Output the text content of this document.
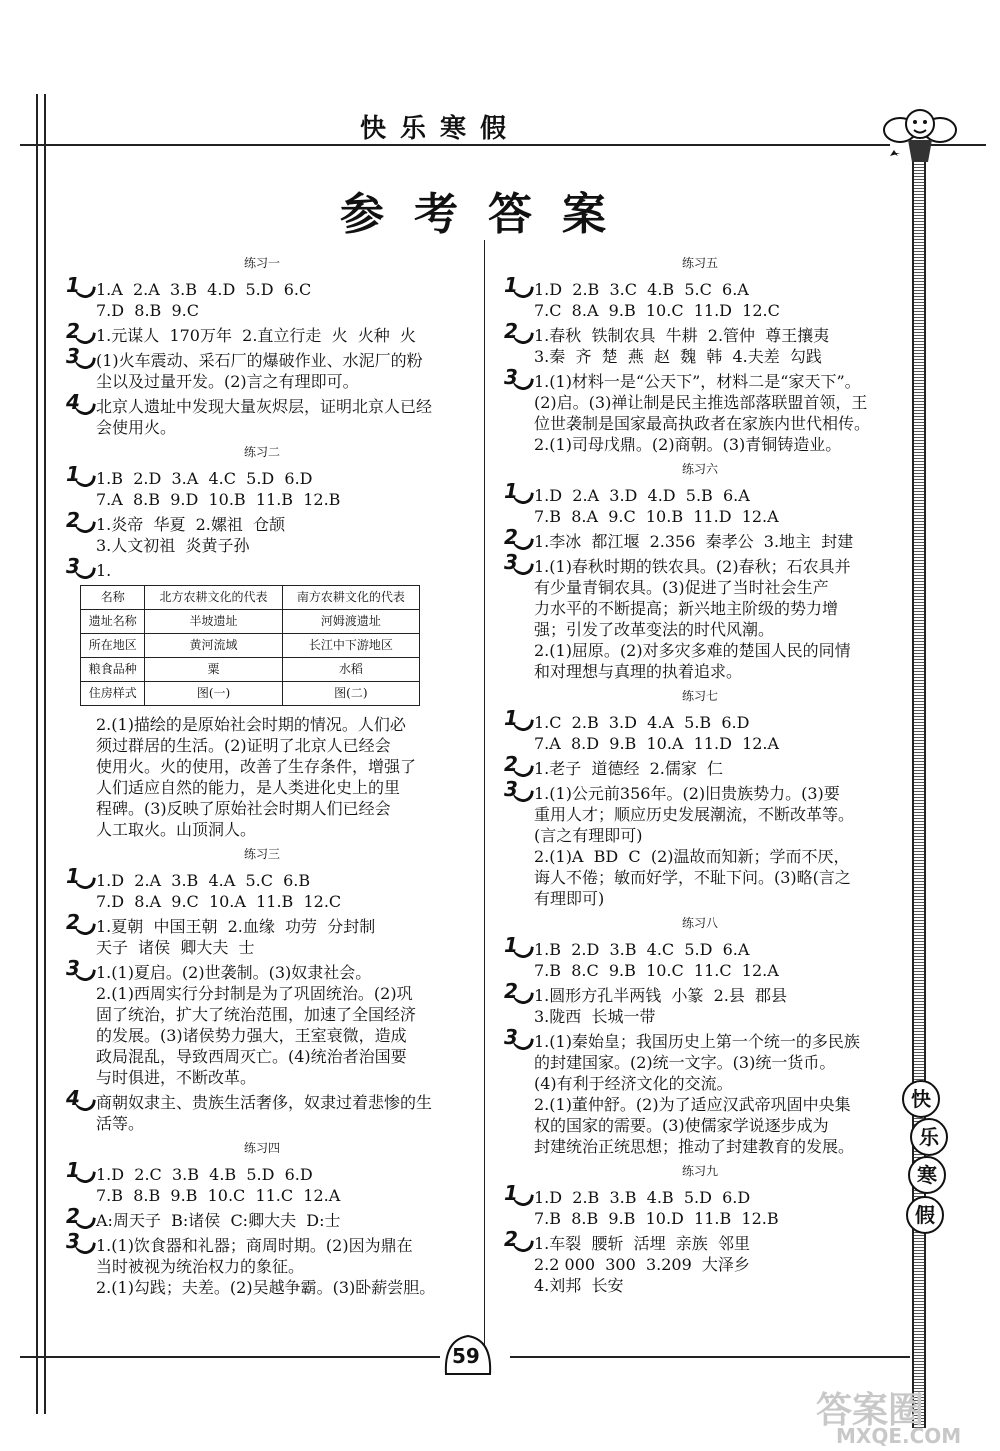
快乐寒假
参考答案
练习一
1 1.A  2.A  3.B  4.D  5.D  6.C
7.D  8.B  9.C
2 1.元谋人  170万年  2.直立行走  火  火种  火
3 (1)火车震动、采石厂的爆破作业、水泥厂的粉
尘以及过量开发。(2)言之有理即可。
4 北京人遗址中发现大量灰烬层，证明北京人已经
会使用火。
练习二
1 1.B  2.D  3.A  4.C  5.D  6.D
7.A  8.B  9.D  10.B  11.B  12.B
2 1.炎帝  华夏  2.嫘祖  仓颉
3.人文初祖  炎黄子孙
3 1.
名称	北方农耕文化的代表	南方农耕文化的代表
遗址名称	半坡遗址	河姆渡遗址
所在地区	黄河流域	长江中下游地区
粮食品种	粟	水稻
住房样式	图(一)	图(二)
2.(1)描绘的是原始社会时期的情况。人们必
须过群居的生活。(2)证明了北京人已经会
使用火。火的使用，改善了生存条件，增强了
人们适应自然的能力，是人类进化史上的里
程碑。(3)反映了原始社会时期人们已经会
人工取火。山顶洞人。
练习三
1 1.D  2.A  3.B  4.A  5.C  6.B
7.D  8.A  9.C  10.A  11.B  12.C
2 1.夏朝  中国王朝  2.血缘  功劳  分封制
天子  诸侯  卿大夫  士
3 1.(1)夏启。(2)世袭制。(3)奴隶社会。
2.(1)西周实行分封制是为了巩固统治。(2)巩
固了统治，扩大了统治范围，加速了全国经济
的发展。(3)诸侯势力强大，王室衰微，造成
政局混乱，导致西周灭亡。(4)统治者治国要
与时俱进，不断改革。
4 商朝奴隶主、贵族生活奢侈，奴隶过着悲惨的生
活等。
练习四
1 1.D  2.C  3.B  4.B  5.D  6.D
7.B  8.B  9.B  10.C  11.C  12.A
2 A:周天子  B:诸侯  C:卿大夫  D:士
3 1.(1)饮食器和礼器；商周时期。(2)因为鼎在
当时被视为统治权力的象征。
2.(1)勾践；夫差。(2)吴越争霸。(3)卧薪尝胆。
练习五
1 1.D  2.B  3.C  4.B  5.C  6.A
7.C  8.A  9.B  10.C  11.D  12.C
2 1.春秋  铁制农具  牛耕  2.管仲  尊王攘夷
3.秦  齐  楚  燕  赵  魏  韩  4.夫差  勾践
3 1.(1)材料一是“公天下”，材料二是“家天下”。
(2)启。(3)禅让制是民主推选部落联盟首领，王
位世袭制是国家最高执政者在家族内世代相传。
2.(1)司母戊鼎。(2)商朝。(3)青铜铸造业。
练习六
1 1.D  2.A  3.D  4.D  5.B  6.A
7.B  8.A  9.C  10.B  11.D  12.A
2 1.李冰  都江堰  2.356  秦孝公  3.地主  封建
3 1.(1)春秋时期的铁农具。(2)春秋；石农具并
有少量青铜农具。(3)促进了当时社会生产
力水平的不断提高；新兴地主阶级的势力增
强；引发了改革变法的时代风潮。
2.(1)屈原。(2)对多灾多难的楚国人民的同情
和对理想与真理的执着追求。
练习七
1 1.C  2.B  3.D  4.A  5.B  6.D
7.A  8.D  9.B  10.A  11.D  12.A
2 1.老子  道德经  2.儒家  仁
3 1.(1)公元前356年。(2)旧贵族势力。(3)要
重用人才；顺应历史发展潮流，不断改革等。
(言之有理即可)
2.(1)A  BD  C  (2)温故而知新；学而不厌，
诲人不倦；敏而好学，不耻下问。(3)略(言之
有理即可)
练习八
1 1.B  2.D  3.B  4.C  5.D  6.A
7.B  8.C  9.B  10.C  11.C  12.A
2 1.圆形方孔半两钱  小篆  2.县  郡县
3.陇西  长城一带
3 1.(1)秦始皇；我国历史上第一个统一的多民族
的封建国家。(2)统一文字。(3)统一货币。
(4)有利于经济文化的交流。
2.(1)董仲舒。(2)为了适应汉武帝巩固中央集
权的国家的需要。(3)使儒家学说逐步成为
封建统治正统思想；推动了封建教育的发展。
练习九
1 1.D  2.B  3.B  4.B  5.D  6.D
7.B  8.B  9.B  10.D  11.B  12.B
2 1.车裂  腰斩  活埋  亲族  邻里
2.2 000  300  3.209  大泽乡
4.刘邦  长安
快
乐
寒
假
59
答案圈
MXQE.COM
